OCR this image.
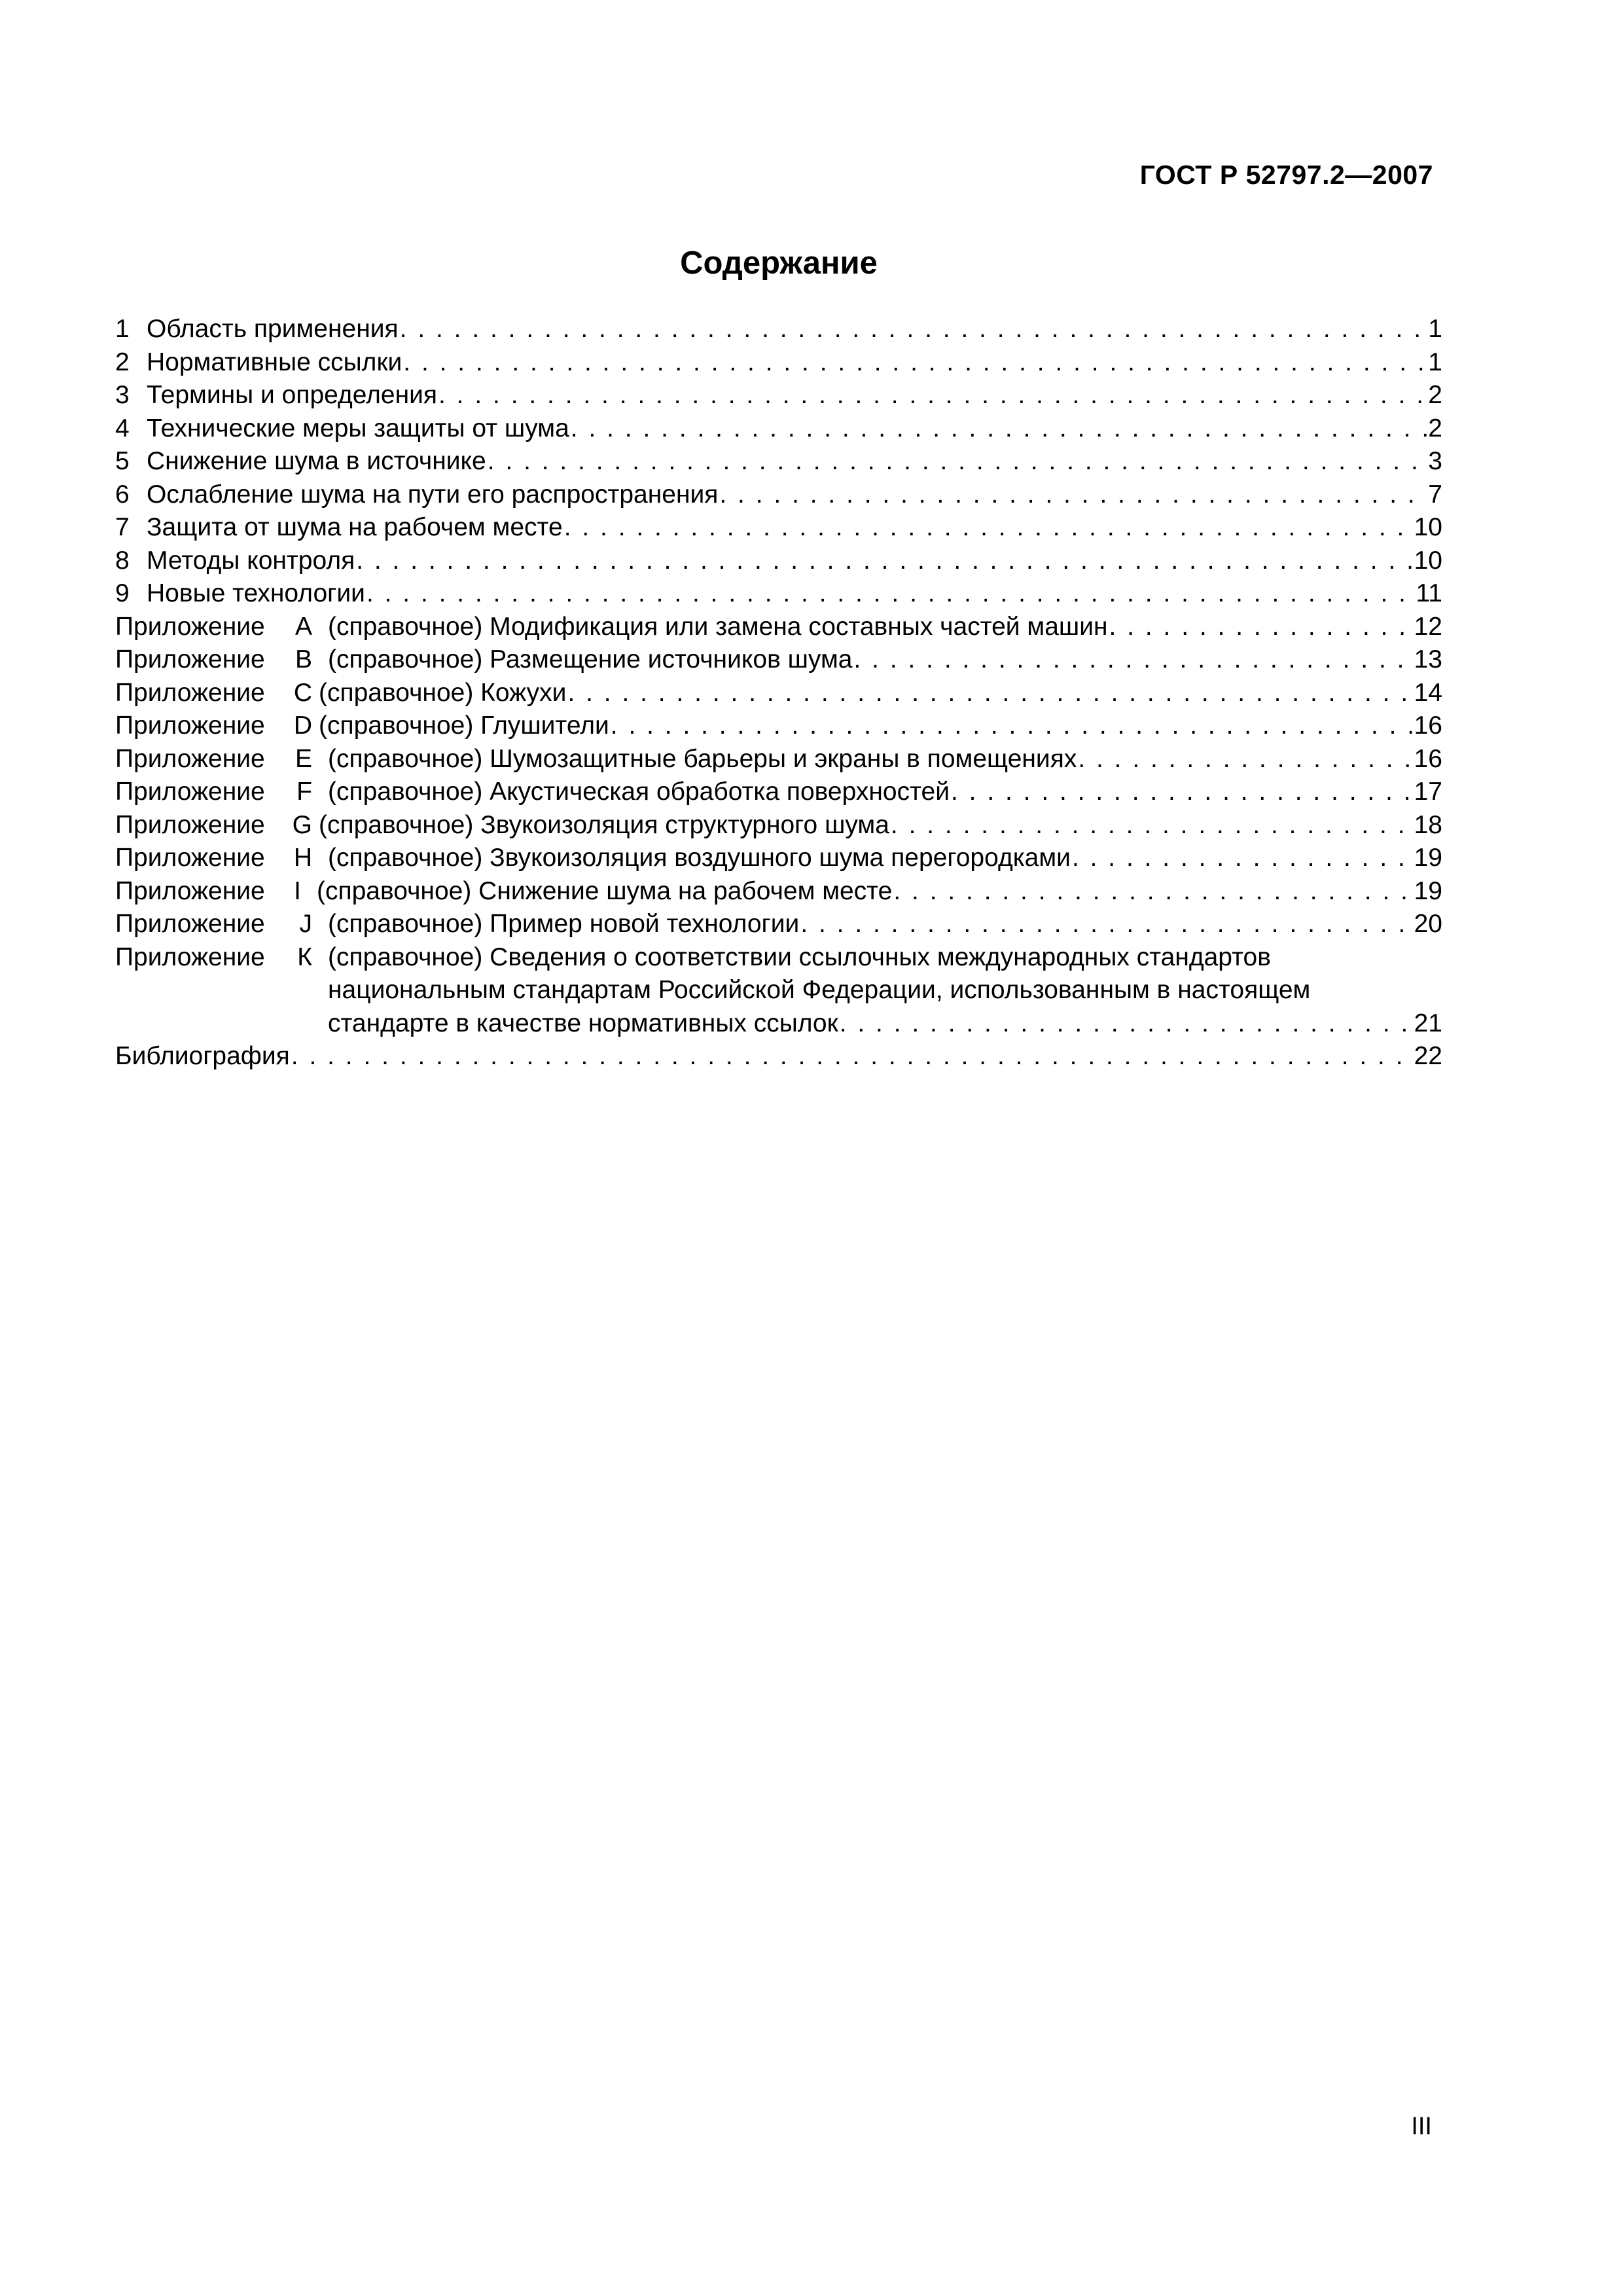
ГОСТ Р 52797.2—2007
Содержание
1 Область применения . . .	1
2 Нормативные ссылки . . .	1
3 Термины и определения . . .	2
4 Технические меры защиты от шума . . .	2
5 Снижение шума в источнике . . .	3
6 Ослабление шума на пути его распространения . . .	7
7 Защита от шума на рабочем месте . . .	10
8 Методы контроля . . .	10
9 Новые технологии . . .	11
Приложение А (справочное) Модификация или замена составных частей машин . . .	12
Приложение В (справочное) Размещение источников шума . . .	13
Приложение С (справочное) Кожухи . . .	14
Приложение D (справочное) Глушители . . .	16
Приложение Е (справочное) Шумозащитные барьеры и экраны в помещениях . . .	16
Приложение F (справочное) Акустическая обработка поверхностей . . .	17
Приложение G (справочное) Звукоизоляция структурного шума . . .	18
Приложение Н (справочное) Звукоизоляция воздушного шума перегородками . . .	19
Приложение I (справочное) Снижение шума на рабочем месте . . .	19
Приложение J (справочное) Пример новой технологии . . .	20
Приложение К (справочное) Сведения о соответствии ссылочных международных стандартов
национальным стандартам Российской Федерации, использованным в настоящем
стандарте в качестве нормативных ссылок . . .	21
Библиография . . .	22
III
